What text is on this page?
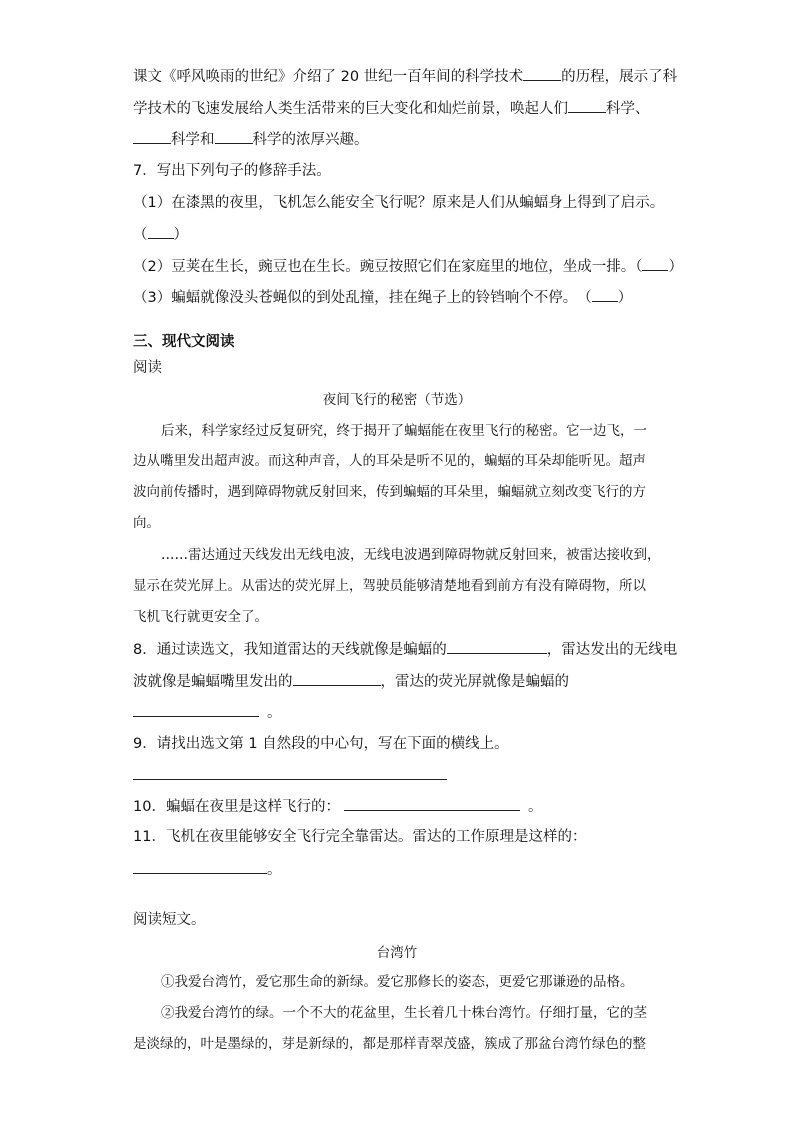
课文《呼风唤雨的世纪》介绍了 20 世纪一百年间的科学技术	的历程，展示了科
学技术的飞速发展给人类生活带来的巨大变化和灿烂前景，唤起人们	科学、
科学和	科学的浓厚兴趣。
7．写出下列句子的修辞手法。
（1）在漆黑的夜里，飞机怎么能安全飞行呢？原来是人们从蝙蝠身上得到了启示。
（ ）
（2）豆荚在生长，豌豆也在生长。豌豆按照它们在家庭里的地位，坐成一排。（ ）
（3）蝙蝠就像没头苍蝇似的到处乱撞，挂在绳子上的铃铛响个不停。　（ ）
三、现代文阅读
阅读
夜间飞行的秘密（节选）
后来，科学家经过反复研究，终于揭开了蝙蝠能在夜里飞行的秘密。它一边飞，一
边从嘴里发出超声波。而这种声音，人的耳朵是听不见的，蝙蝠的耳朵却能听见。超声
波向前传播时，遇到障碍物就反射回来，传到蝙蝠的耳朵里，蝙蝠就立刻改变飞行的方
向。
……雷达通过天线发出无线电波，无线电波遇到障碍物就反射回来，被雷达接收到，
显示在荧光屏上。从雷达的荧光屏上，驾驶员能够清楚地看到前方有没有障碍物，所以
飞机飞行就更安全了。
8．通过读选文，我知道雷达的天线就像是蝙蝠的	，雷达发出的无线电
波就像是蝙蝠嘴里发出的	，雷达的荧光屏就像是蝙蝠的
。
9．请找出选文第 1 自然段的中心句，写在下面的横线上。
10．蝙蝠在夜里是这样飞行的：	。
11．飞机在夜里能够安全飞行完全靠雷达。雷达的工作原理是这样的：
。
阅读短文。
台湾竹
①我爱台湾竹，爱它那生命的新绿。爱它那修长的姿态，更爱它那谦逊的品格。
②我爱台湾竹的绿。一个不大的花盆里，生长着几十株台湾竹。仔细打量，它的茎
是淡绿的，叶是墨绿的，芽是新绿的，都是那样青翠茂盛，簇成了那盆台湾竹绿色的整
